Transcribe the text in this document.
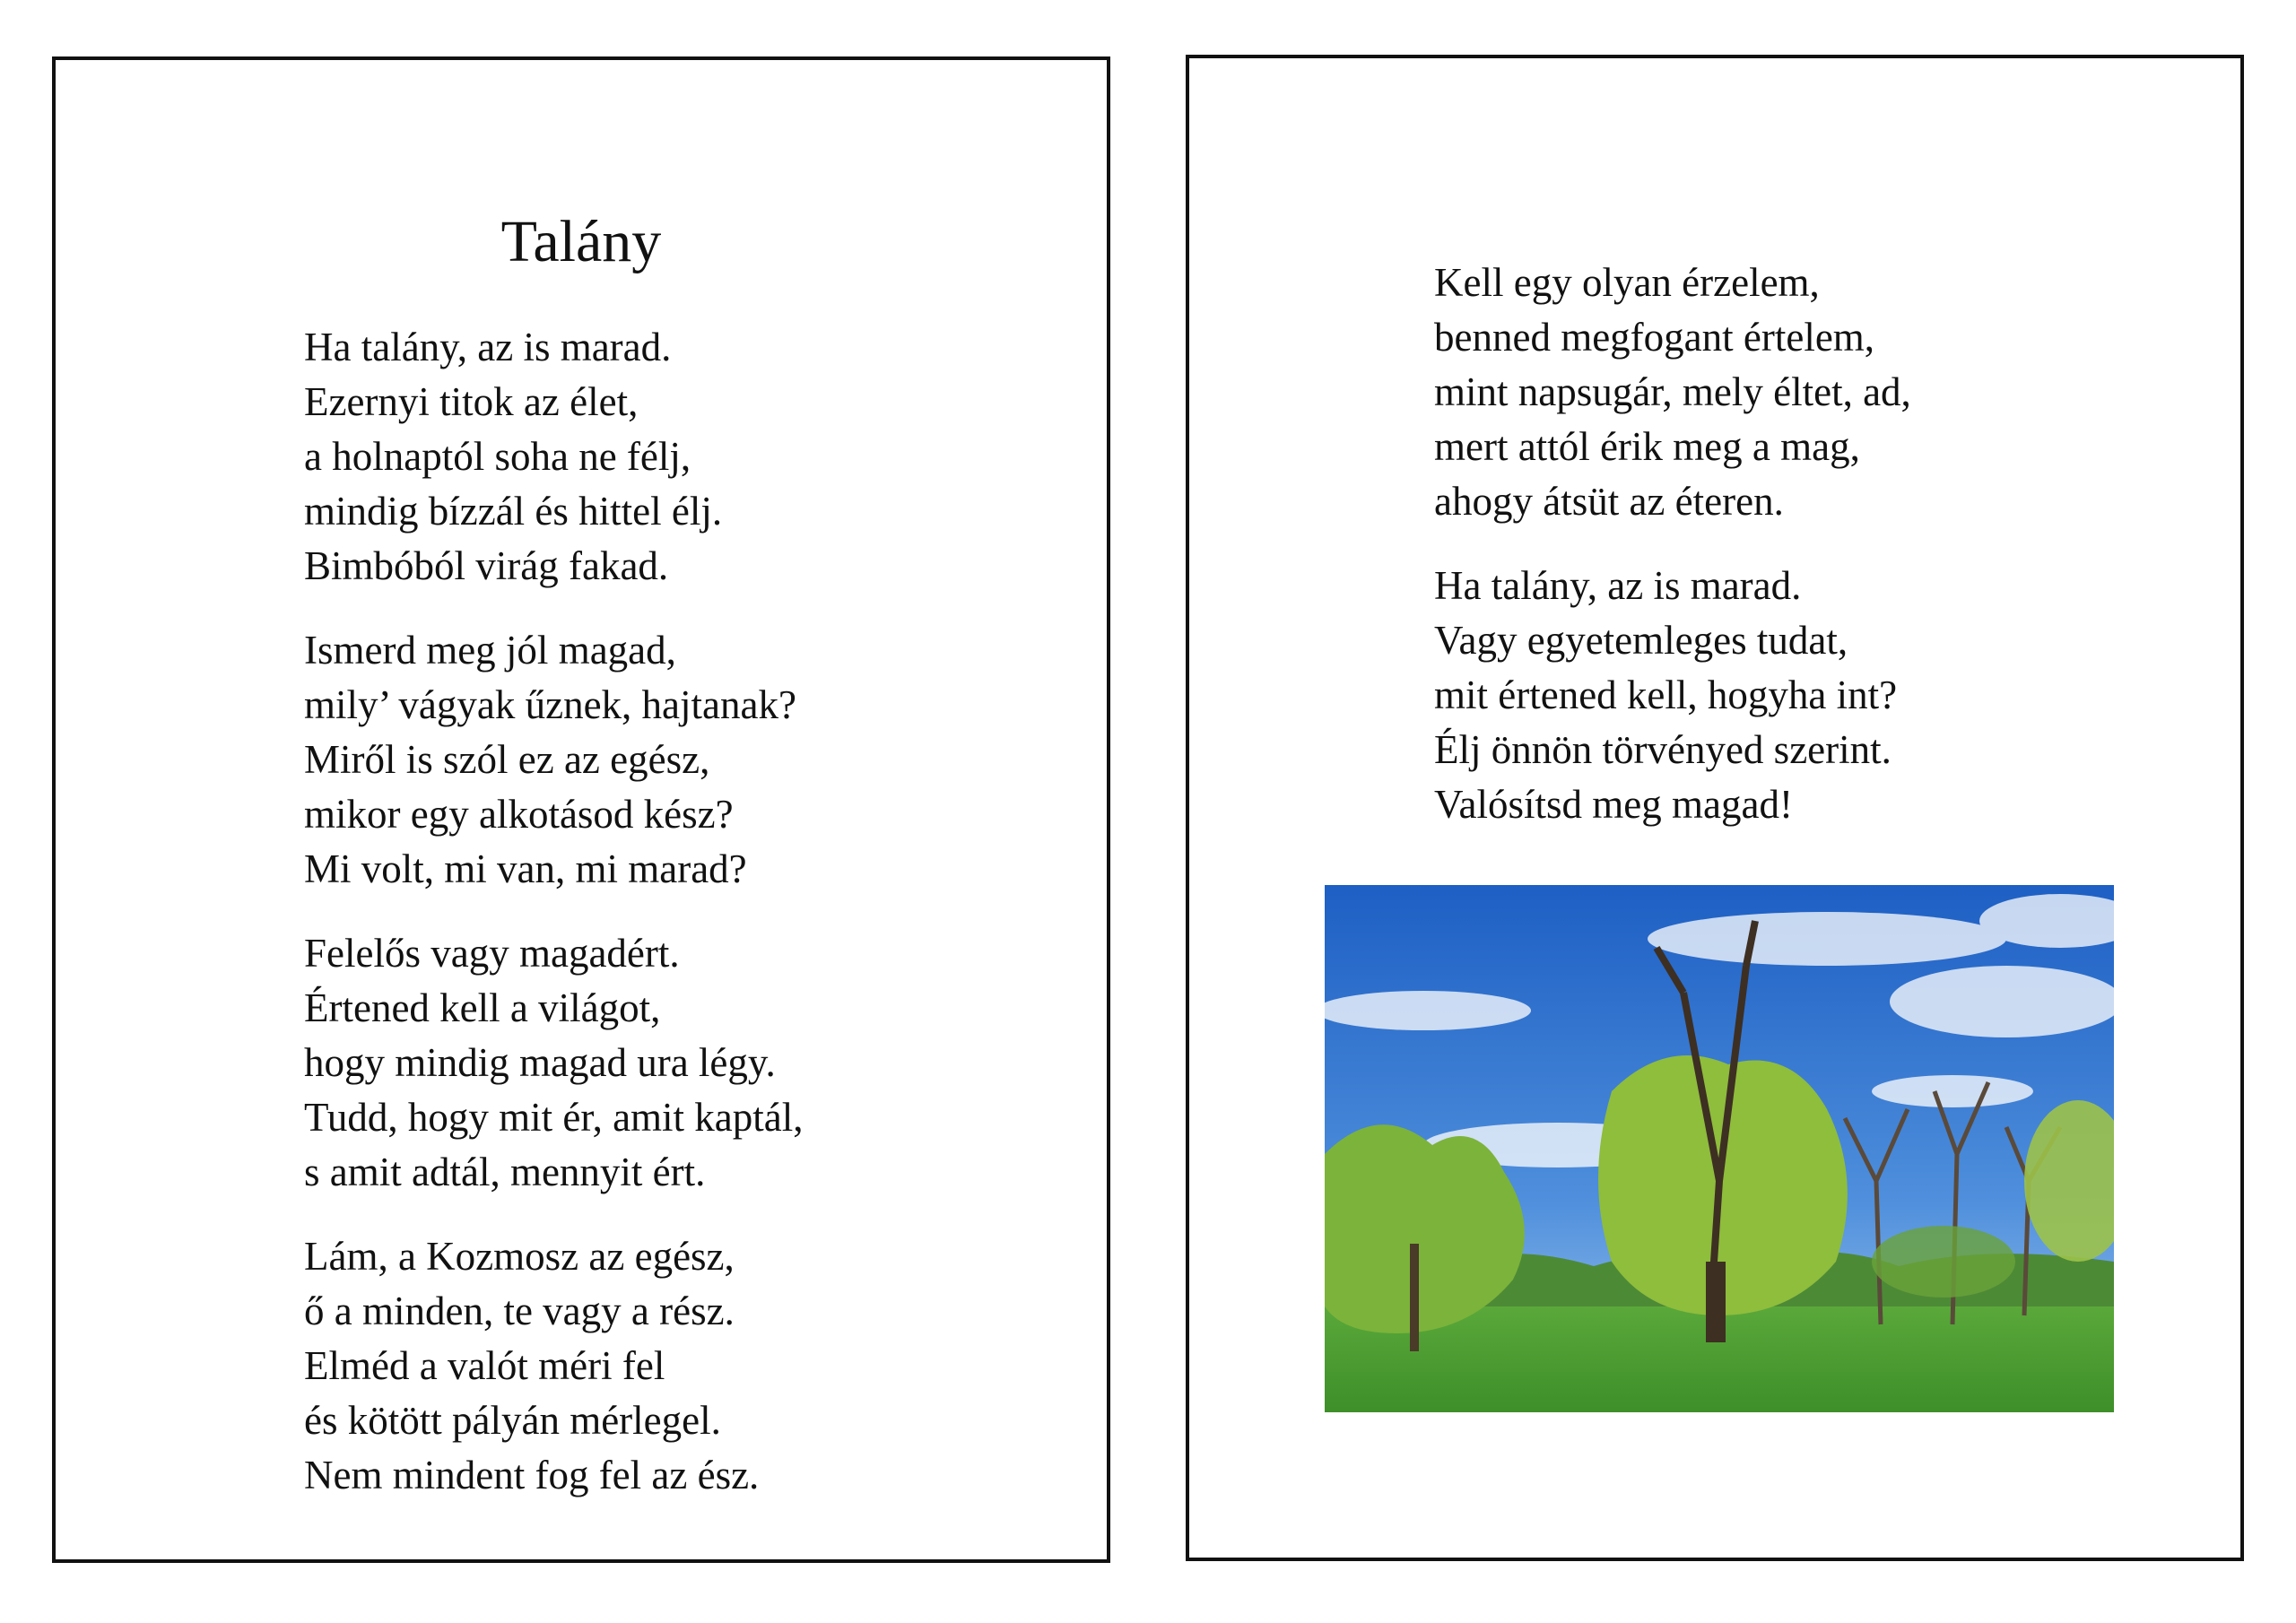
Talány
Ha talány, az is marad.
Ezernyi titok az élet,
a holnaptól soha ne félj,
mindig bízzál és hittel élj.
Bimbóból virág fakad.
Ismerd meg jól magad,
mily’ vágyak űznek, hajtanak?
Miről is szól ez az egész,
mikor egy alkotásod kész?
Mi volt, mi van, mi marad?
Felelős vagy magadért.
Értened kell a világot,
hogy mindig magad ura légy.
Tudd, hogy mit ér, amit kaptál,
s amit adtál, mennyit ért.
Lám, a Kozmosz az egész,
ő a minden, te vagy a rész.
Elméd a valót méri fel
és kötött pályán mérlegel.
Nem mindent fog fel az ész.
Kell egy olyan érzelem,
benned megfogant értelem,
mint napsugár, mely éltet, ad,
mert attól érik meg a mag,
ahogy átsüt az éteren.
Ha talány, az is marad.
Vagy egyetemleges tudat,
mit értened kell, hogyha int?
Élj önnön törvényed szerint.
Valósítsd meg magad!
